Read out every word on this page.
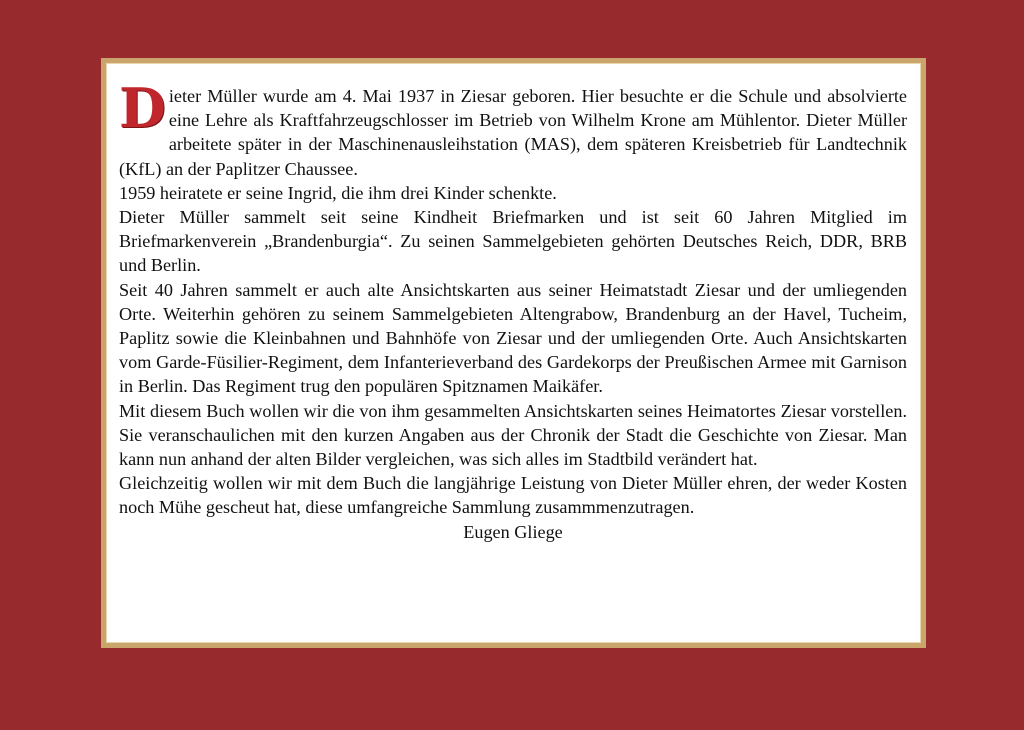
Dieter Müller wurde am 4. Mai 1937 in Ziesar geboren. Hier besuchte er die Schule und absolvierte eine Lehre als Kraftfahrzeugschlosser im Betrieb von Wilhelm Krone am Mühlentor. Dieter Müller arbeitete später in der Maschinenausleihstation (MAS), dem späteren Kreisbetrieb für Landtechnik (KfL) an der Paplitzer Chaussee.

1959 heiratete er seine Ingrid, die ihm drei Kinder schenkte.

Dieter Müller sammelt seit seine Kindheit Briefmarken und ist seit 60 Jahren Mitglied im Briefmarkenverein „Brandenburgia“. Zu seinen Sammelgebieten gehörten Deutsches Reich, DDR, BRB und Berlin.

Seit 40 Jahren sammelt er auch alte Ansichtskarten aus seiner Heimatstadt Ziesar und der umliegenden Orte. Weiterhin gehören zu seinem Sammelgebieten Altengrabow, Brandenburg an der Havel, Tucheim, Paplitz sowie die Kleinbahnen und Bahnhöfe von Ziesar und der umliegenden Orte. Auch Ansichtskarten vom Garde-Füsilier-Regiment, dem Infanterieverband des Gardekorps der Preußischen Armee mit Garnison in Berlin. Das Regiment trug den populären Spitznamen Maikäfer.

Mit diesem Buch wollen wir die von ihm gesammelten Ansichtskarten seines Heimatortes Ziesar vorstellen. Sie veranschaulichen mit den kurzen Angaben aus der Chronik der Stadt die Geschichte von Ziesar. Man kann nun anhand der alten Bilder vergleichen, was sich alles im Stadtbild verändert hat.

Gleichzeitig wollen wir mit dem Buch die langjährige Leistung von Dieter Müller ehren, der weder Kosten noch Mühe gescheut hat, diese umfangreiche Sammlung zusammmenzutragen.

Eugen Gliege
